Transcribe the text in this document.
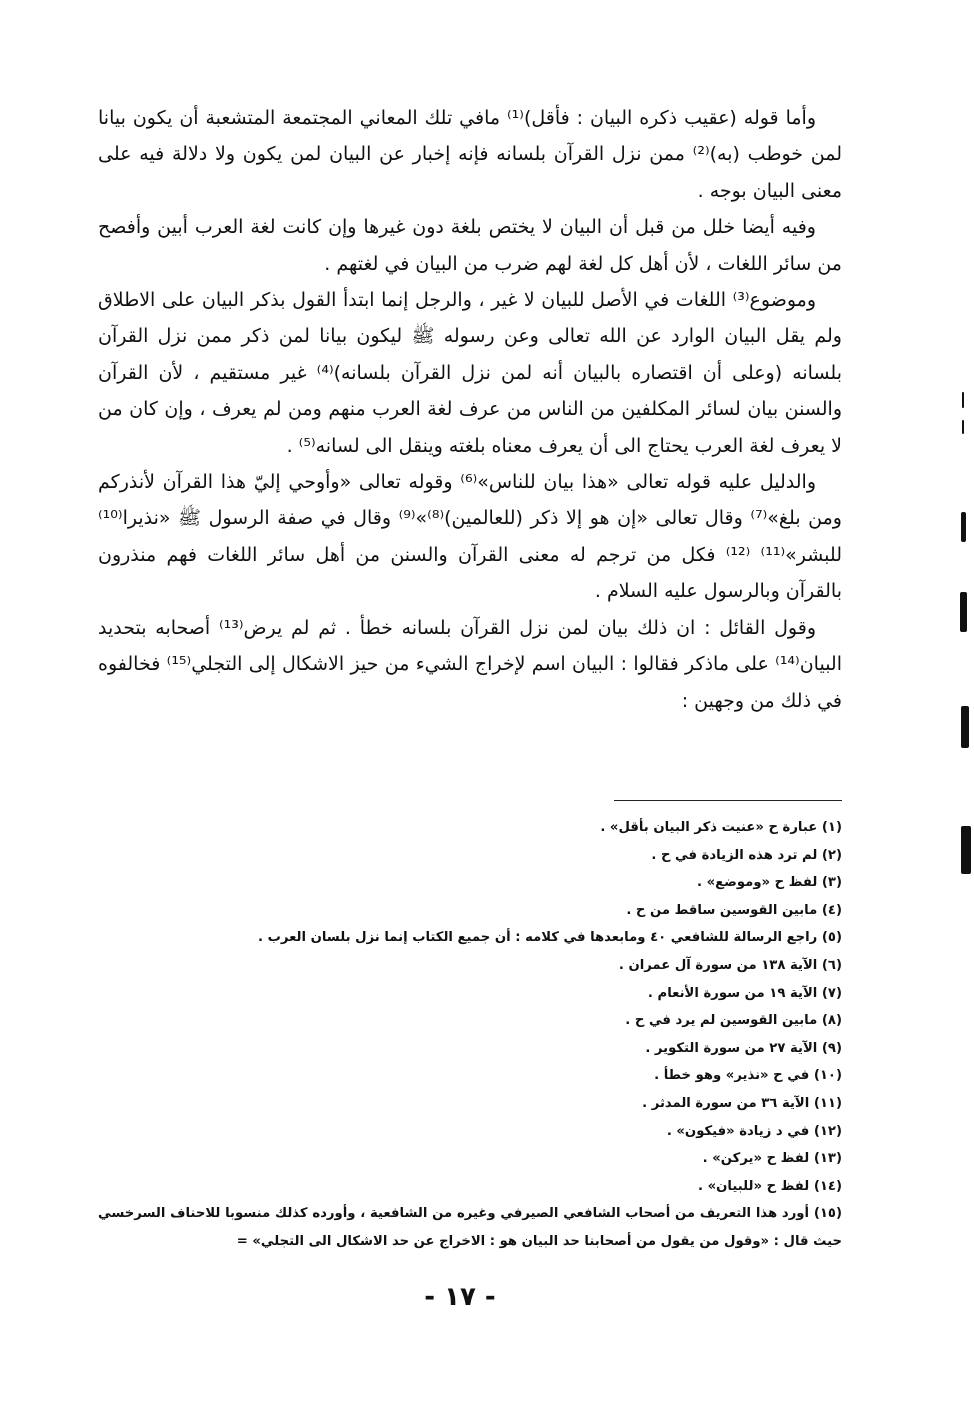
وأما قوله (عقيب ذكره البيان : فأقل)⁽¹⁾ مافي تلك المعاني المجتمعة المتشعبة أن يكون بيانا لمن خوطب (به)⁽²⁾ ممن نزل القرآن بلسانه فإنه إخبار عن البيان لمن يكون ولا دلالة فيه على معنى البيان بوجه .

وفيه أيضا خلل من قبل أن البيان لا يختص بلغة دون غيرها وإن كانت لغة العرب أبين وأفصح من سائر اللغات ، لأن أهل كل لغة لهم ضرب من البيان في لغتهم .

وموضوع⁽³⁾ اللغات في الأصل للبيان لا غير ، والرجل إنما ابتدأ القول بذكر البيان على الاطلاق ولم يقل البيان الوارد عن الله تعالى وعن رسوله ﷺ ليكون بيانا لمن ذكر ممن نزل القرآن بلسانه (وعلى أن اقتصاره بالبيان أنه لمن نزل القرآن بلسانه)⁽⁴⁾ غير مستقيم ، لأن القرآن والسنن بيان لسائر المكلفين من الناس من عرف لغة العرب منهم ومن لم يعرف ، وإن كان من لا يعرف لغة العرب يحتاج الى أن يعرف معناه بلغته وينقل الى لسانه⁽⁵⁾ .

والدليل عليه قوله تعالى «هذا بيان للناس»⁽⁶⁾ وقوله تعالى «وأوحي إليّ هذا القرآن لأنذركم ومن بلغ»⁽⁷⁾ وقال تعالى «إن هو إلا ذكر (للعالمين)⁽⁸⁾»⁽⁹⁾ وقال في صفة الرسول ﷺ «نذيرا⁽¹⁰⁾ للبشر»⁽¹¹⁾ ⁽¹²⁾ فكل من ترجم له معنى القرآن والسنن من أهل سائر اللغات فهم منذرون بالقرآن وبالرسول عليه السلام .

وقول القائل : ان ذلك بيان لمن نزل القرآن بلسانه خطأ . ثم لم يرض⁽¹³⁾ أصحابه بتحديد البيان⁽¹⁴⁾ على ماذكر فقالوا : البيان اسم لإخراج الشيء من حيز الاشكال إلى التجلي⁽¹⁵⁾ فخالفوه في ذلك من وجهين :

(١) عبارة ح «عنيت ذكر البيان بأقل» .

(٢) لم ترد هذه الزيادة في ح .

(٣) لفظ ح «وموضع» .

(٤) مابين القوسين ساقط من ح .

(٥) راجع الرسالة للشافعي ٤٠ ومابعدها في كلامه : أن جميع الكتاب إنما نزل بلسان العرب .

(٦) الآية ١٣٨ من سورة آل عمران .

(٧) الآية ١٩ من سورة الأنعام .

(٨) مابين القوسين لم يرد في ح .

(٩) الآية ٢٧ من سورة التكوير .

(١٠) في ح «نذير» وهو خطأ .

(١١) الآية ٣٦ من سورة المدثر .

(١٢) في د زيادة «فيكون» .

(١٣) لفظ ح «يركن» .

(١٤) لفظ ح «للبيان» .

(١٥) أورد هذا التعريف من أصحاب الشافعي الصيرفي وغيره من الشافعية ، وأورده كذلك منسوبا للاحناف السرخسي حيث قال : «وقول من يقول من أصحابنا حد البيان هو : الاخراج عن حد الاشكال الى التجلي» =

- ١٧ -
